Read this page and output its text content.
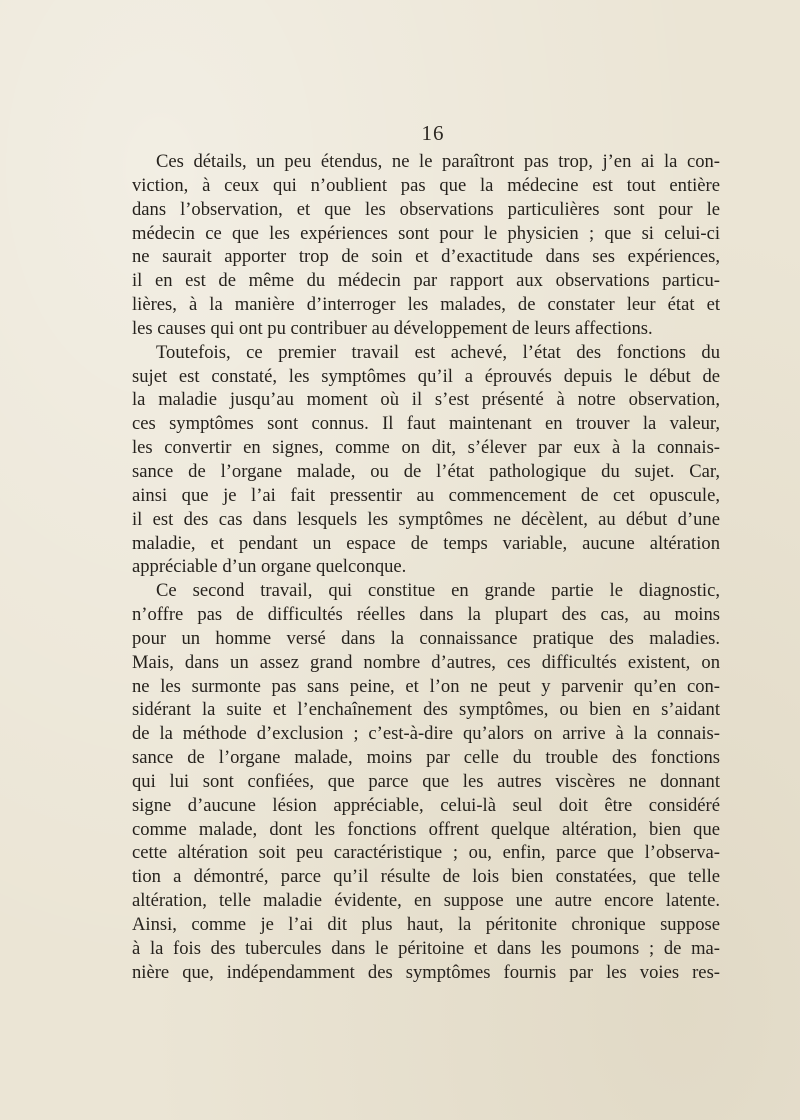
16
Ces détails, un peu étendus, ne le paraîtront pas trop, j’en ai la con-
viction, à ceux qui n’oublient pas que la médecine est tout entière
dans l’observation, et que les observations particulières sont pour le
médecin ce que les expériences sont pour le physicien ; que si celui-ci
ne saurait apporter trop de soin et d’exactitude dans ses expériences,
il en est de même du médecin par rapport aux observations particu-
lières, à la manière d’interroger les malades, de constater leur état et
les causes qui ont pu contribuer au développement de leurs affections.
Toutefois, ce premier travail est achevé, l’état des fonctions du
sujet est constaté, les symptômes qu’il a éprouvés depuis le début de
la maladie jusqu’au moment où il s’est présenté à notre observation,
ces symptômes sont connus. Il faut maintenant en trouver la valeur,
les convertir en signes, comme on dit, s’élever par eux à la connais-
sance de l’organe malade, ou de l’état pathologique du sujet. Car,
ainsi que je l’ai fait pressentir au commencement de cet opuscule,
il est des cas dans lesquels les symptômes ne décèlent, au début d’une
maladie, et pendant un espace de temps variable, aucune altération
appréciable d’un organe quelconque.
Ce second travail, qui constitue en grande partie le diagnostic,
n’offre pas de difficultés réelles dans la plupart des cas, au moins
pour un homme versé dans la connaissance pratique des maladies.
Mais, dans un assez grand nombre d’autres, ces difficultés existent, on
ne les surmonte pas sans peine, et l’on ne peut y parvenir qu’en con-
sidérant la suite et l’enchaînement des symptômes, ou bien en s’aidant
de la méthode d’exclusion ; c’est-à-dire qu’alors on arrive à la connais-
sance de l’organe malade, moins par celle du trouble des fonctions
qui lui sont confiées, que parce que les autres viscères ne donnant
signe d’aucune lésion appréciable, celui-là seul doit être considéré
comme malade, dont les fonctions offrent quelque altération, bien que
cette altération soit peu caractéristique ; ou, enfin, parce que l’observa-
tion a démontré, parce qu’il résulte de lois bien constatées, que telle
altération, telle maladie évidente, en suppose une autre encore latente.
Ainsi, comme je l’ai dit plus haut, la péritonite chronique suppose
à la fois des tubercules dans le péritoine et dans les poumons ; de ma-
nière que, indépendamment des symptômes fournis par les voies res-
